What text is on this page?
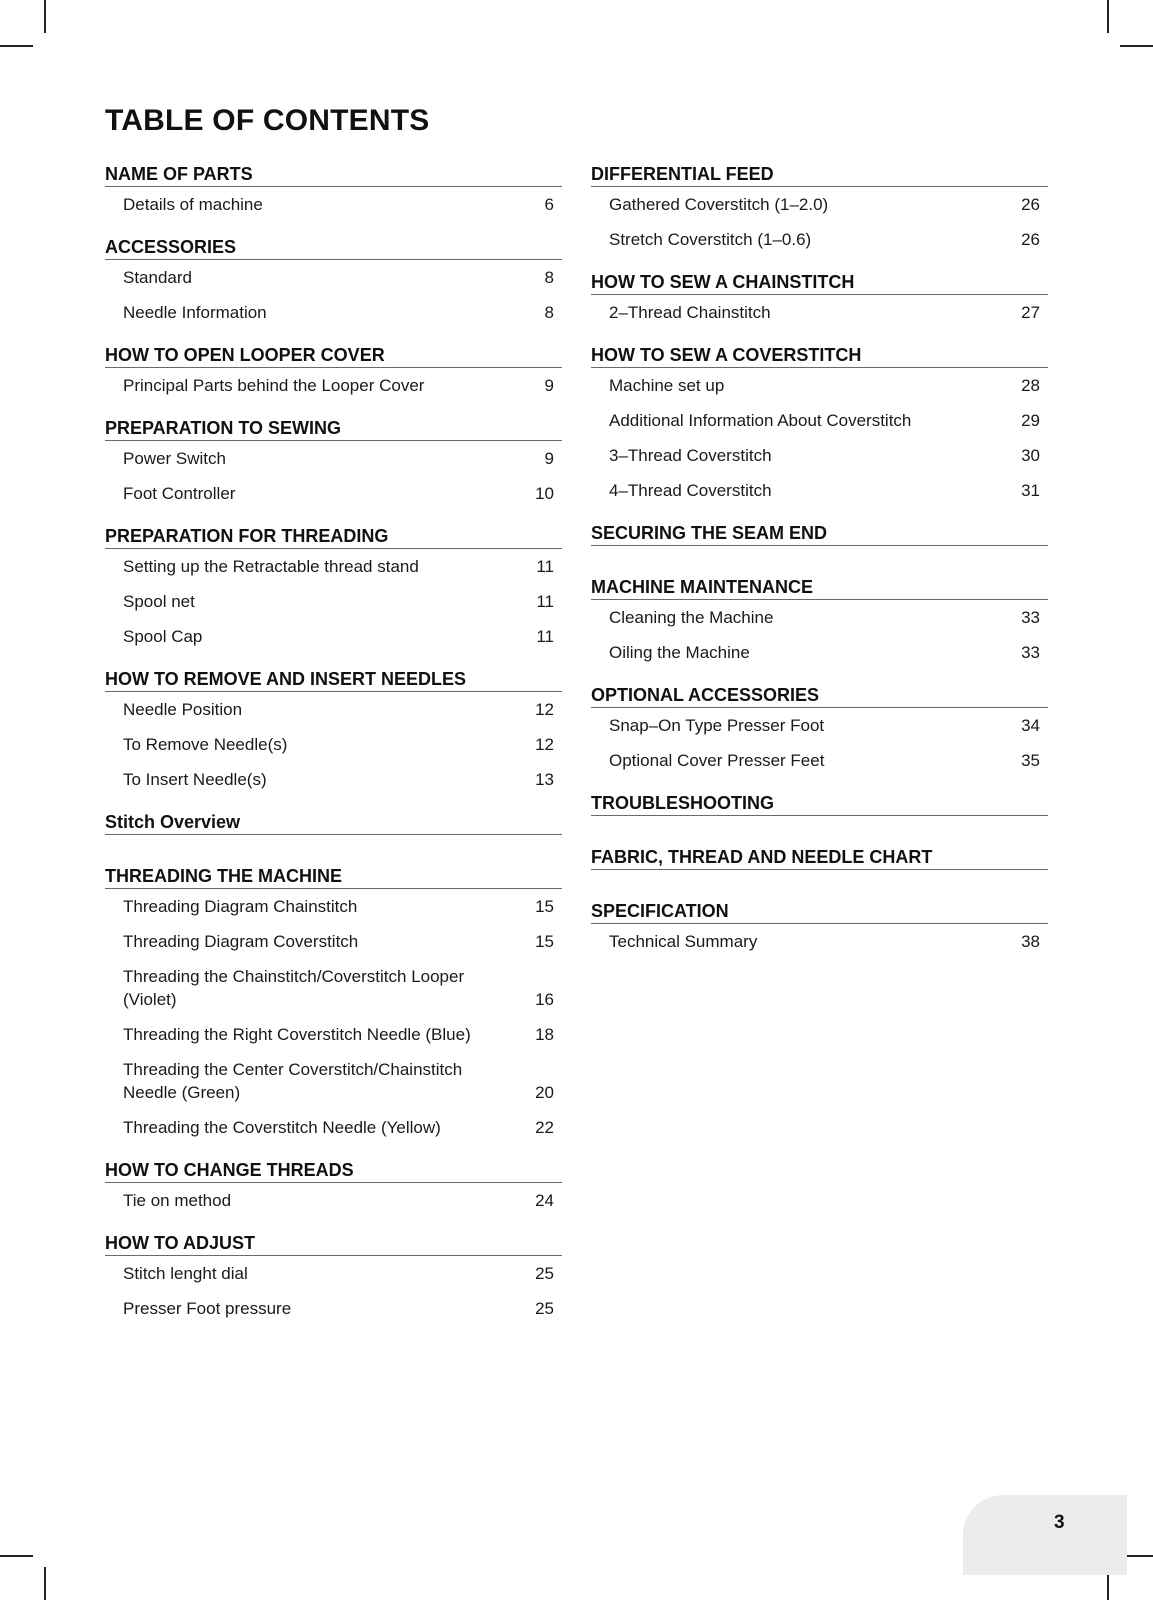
TABLE OF CONTENTS
NAME OF PARTS
Details of machine	6
ACCESSORIES
Standard	8
Needle Information	8
HOW TO OPEN LOOPER COVER
Principal Parts behind the Looper Cover	9
PREPARATION TO SEWING
Power Switch	9
Foot Controller	10
PREPARATION FOR THREADING
Setting up the Retractable thread stand	11
Spool net	11
Spool Cap	11
HOW TO REMOVE AND INSERT NEEDLES
Needle Position	12
To Remove Needle(s)	12
To Insert Needle(s)	13
Stitch Overview
THREADING THE MACHINE
Threading Diagram Chainstitch	15
Threading Diagram Coverstitch	15
Threading the Chainstitch/Coverstitch Looper (Violet)	16
Threading the Right Coverstitch Needle (Blue)	18
Threading the Center Coverstitch/Chainstitch Needle (Green)	20
Threading the Coverstitch Needle (Yellow)	22
HOW TO CHANGE THREADS
Tie on method	24
HOW TO ADJUST
Stitch lenght dial	25
Presser Foot pressure	25
DIFFERENTIAL FEED
Gathered Coverstitch (1–2.0)	26
Stretch Coverstitch (1–0.6)	26
HOW TO SEW A CHAINSTITCH
2–Thread Chainstitch	27
HOW TO SEW A COVERSTITCH
Machine set up	28
Additional Information About Coverstitch	29
3–Thread Coverstitch	30
4–Thread Coverstitch	31
SECURING THE SEAM END
MACHINE MAINTENANCE
Cleaning the Machine	33
Oiling the Machine	33
OPTIONAL ACCESSORIES
Snap–On Type Presser Foot	34
Optional Cover Presser Feet	35
TROUBLESHOOTING
FABRIC, THREAD AND NEEDLE CHART
SPECIFICATION
Technical Summary	38
3
